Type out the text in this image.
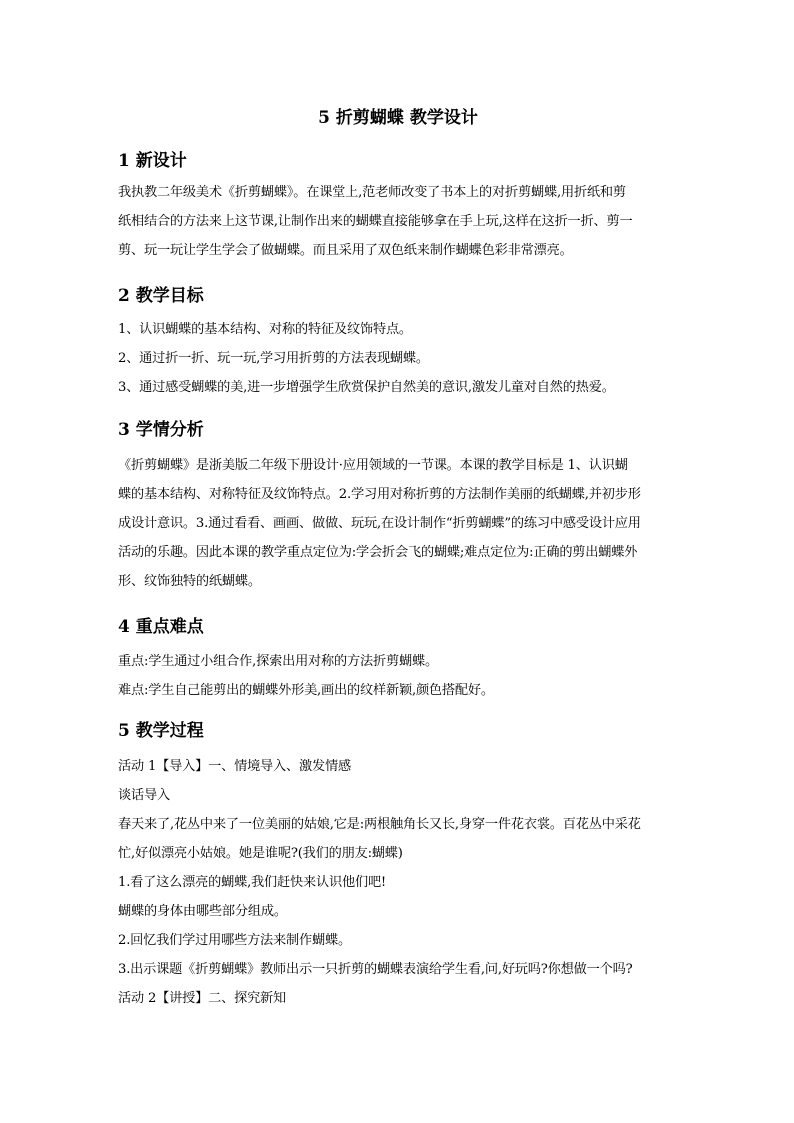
5 折剪蝴蝶 教学设计
1 新设计
我执教二年级美术《折剪蝴蝶》。在课堂上,范老师改变了书本上的对折剪蝴蝶,用折纸和剪
纸相结合的方法来上这节课,让制作出来的蝴蝶直接能够拿在手上玩,这样在这折一折、剪一
剪、玩一玩让学生学会了做蝴蝶。而且采用了双色纸来制作蝴蝶色彩非常漂亮。
2 教学目标
1、认识蝴蝶的基本结构、对称的特征及纹饰特点。
2、通过折一折、玩一玩,学习用折剪的方法表现蝴蝶。
3、通过感受蝴蝶的美,进一步增强学生欣赏保护自然美的意识,激发儿童对自然的热爱。
3 学情分析
《折剪蝴蝶》是浙美版二年级下册设计·应用领域的一节课。本课的教学目标是 1、认识蝴
蝶的基本结构、对称特征及纹饰特点。2.学习用对称折剪的方法制作美丽的纸蝴蝶,并初步形
成设计意识。3.通过看看、画画、做做、玩玩,在设计制作“折剪蝴蝶”的练习中感受设计应用
活动的乐趣。因此本课的教学重点定位为:学会折会飞的蝴蝶;难点定位为:正确的剪出蝴蝶外
形、纹饰独特的纸蝴蝶。
4 重点难点
重点:学生通过小组合作,探索出用对称的方法折剪蝴蝶。
难点:学生自己能剪出的蝴蝶外形美,画出的纹样新颖,颜色搭配好。
5 教学过程
活动 1【导入】一、情境导入、激发情感
谈话导入
春天来了,花丛中来了一位美丽的姑娘,它是:两根触角长又长,身穿一件花衣裳。百花丛中采花
忙,好似漂亮小姑娘。她是谁呢?(我们的朋友:蝴蝶)
1.看了这么漂亮的蝴蝶,我们赶快来认识他们吧!
蝴蝶的身体由哪些部分组成。
2.回忆我们学过用哪些方法来制作蝴蝶。
3.出示课题《折剪蝴蝶》教师出示一只折剪的蝴蝶表演给学生看,问,好玩吗?你想做一个吗?
活动 2【讲授】二、探究新知
